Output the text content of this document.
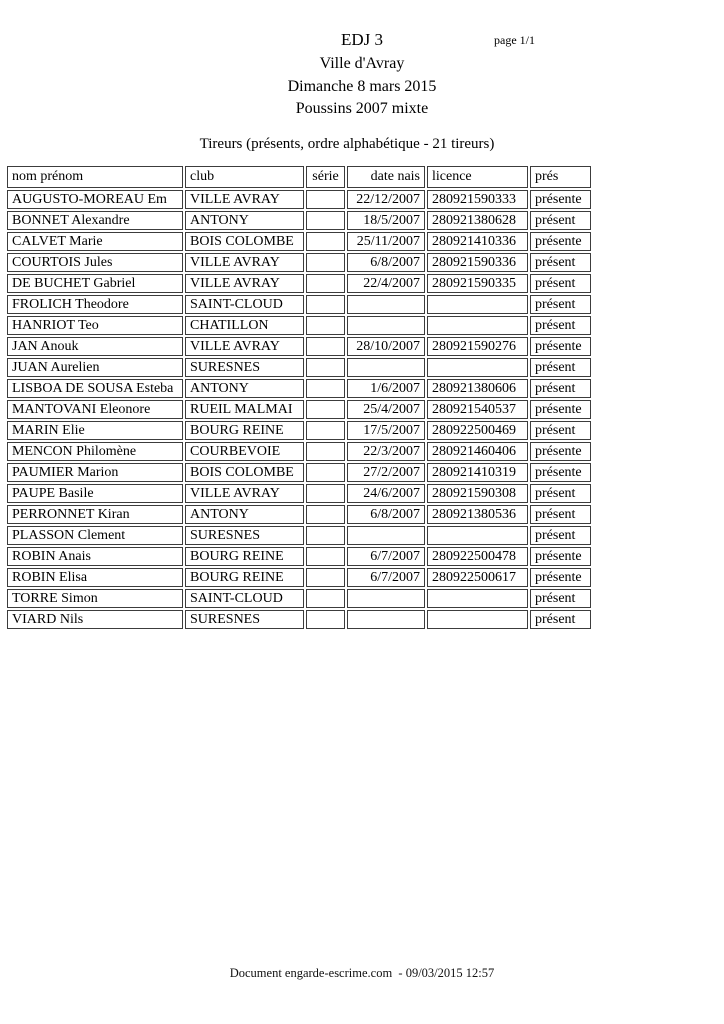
EDJ 3	page 1/1
Ville d'Avray
Dimanche 8 mars 2015
Poussins 2007 mixte
Tireurs (présents, ordre alphabétique - 21 tireurs)
nom prénom	club	série	date nais	licence	prés
AUGUSTO-MOREAU Em	VILLE AVRAY		22/12/2007	280921590333	présente
BONNET Alexandre	ANTONY		18/5/2007	280921380628	présent
CALVET Marie	BOIS COLOMBE		25/11/2007	280921410336	présente
COURTOIS Jules	VILLE AVRAY		6/8/2007	280921590336	présent
DE BUCHET Gabriel	VILLE AVRAY		22/4/2007	280921590335	présent
FROLICH Theodore	SAINT-CLOUD				présent
HANRIOT Teo	CHATILLON				présent
JAN Anouk	VILLE AVRAY		28/10/2007	280921590276	présente
JUAN Aurelien	SURESNES				présent
LISBOA DE SOUSA Esteba	ANTONY		1/6/2007	280921380606	présent
MANTOVANI Eleonore	RUEIL MALMAI		25/4/2007	280921540537	présente
MARIN Elie	BOURG REINE		17/5/2007	280922500469	présent
MENCON Philomène	COURBEVOIE		22/3/2007	280921460406	présente
PAUMIER Marion	BOIS COLOMBE		27/2/2007	280921410319	présente
PAUPE Basile	VILLE AVRAY		24/6/2007	280921590308	présent
PERRONNET Kiran	ANTONY		6/8/2007	280921380536	présent
PLASSON Clement	SURESNES				présent
ROBIN Anais	BOURG REINE		6/7/2007	280922500478	présente
ROBIN Elisa	BOURG REINE		6/7/2007	280922500617	présente
TORRE Simon	SAINT-CLOUD				présent
VIARD Nils	SURESNES				présent
Document engarde-escrime.com  - 09/03/2015 12:57
